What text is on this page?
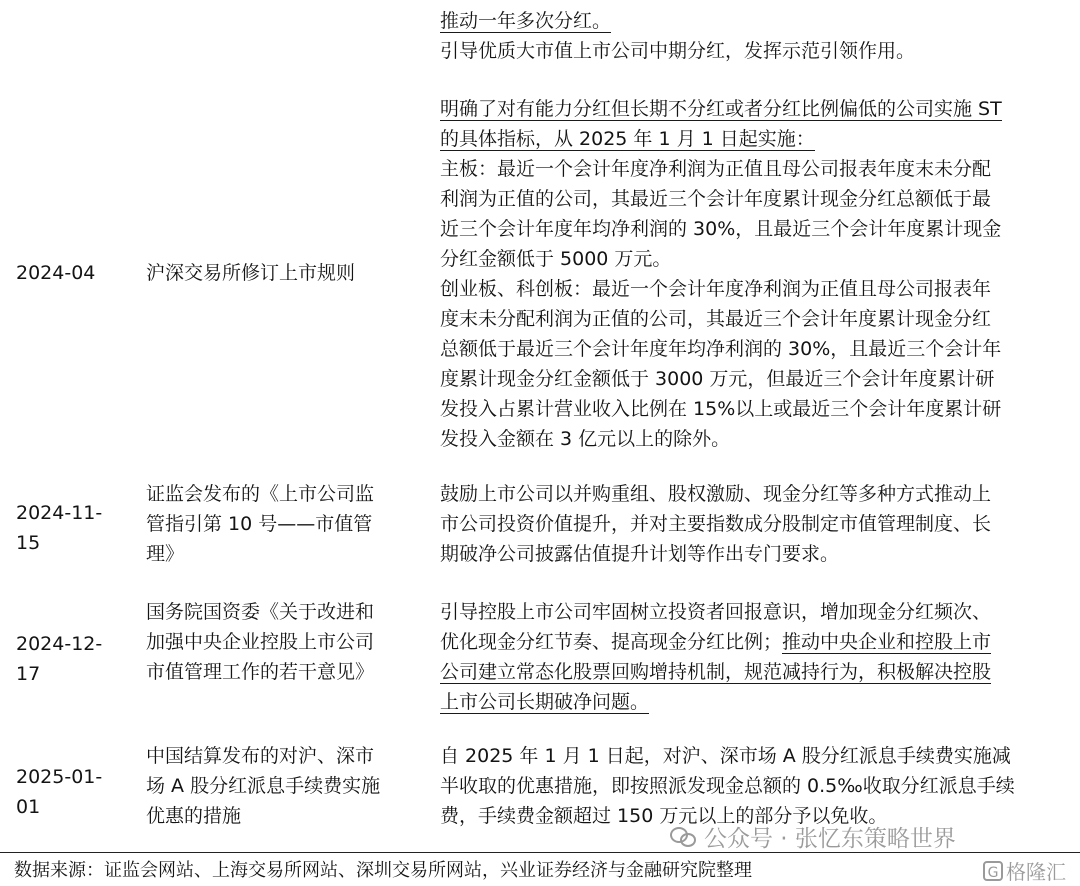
推动一年多次分红。
引导优质大市值上市公司中期分红，发挥示范引领作用。
2024-04	沪深交易所修订上市规则
明确了对有能力分红但长期不分红或者分红比例偏低的公司实施 ST
的具体指标，从 2025 年 1 月 1 日起实施：
主板：最近一个会计年度净利润为正值且母公司报表年度末未分配
利润为正值的公司，其最近三个会计年度累计现金分红总额低于最
近三个会计年度年均净利润的 30%，且最近三个会计年度累计现金
分红金额低于 5000 万元。
创业板、科创板：最近一个会计年度净利润为正值且母公司报表年
度末未分配利润为正值的公司，其最近三个会计年度累计现金分红
总额低于最近三个会计年度年均净利润的 30%，且最近三个会计年
度累计现金分红金额低于 3000 万元，但最近三个会计年度累计研
发投入占累计营业收入比例在 15%以上或最近三个会计年度累计研
发投入金额在 3 亿元以上的除外。
2024-11-
15
证监会发布的《上市公司监
管指引第 10 号——市值管
理》
鼓励上市公司以并购重组、股权激励、现金分红等多种方式推动上
市公司投资价值提升，并对主要指数成分股制定市值管理制度、长
期破净公司披露估值提升计划等作出专门要求。
2024-12-
17
国务院国资委《关于改进和
加强中央企业控股上市公司
市值管理工作的若干意见》
引导控股上市公司牢固树立投资者回报意识，增加现金分红频次、
优化现金分红节奏、提高现金分红比例；推动中央企业和控股上市
公司建立常态化股票回购增持机制，规范减持行为，积极解决控股
上市公司长期破净问题。
2025-01-
01
中国结算发布的对沪、深市
场 A 股分红派息手续费实施
优惠的措施
自 2025 年 1 月 1 日起，对沪、深市场 A 股分红派息手续费实施减
半收取的优惠措施，即按照派发现金总额的 0.5‰收取分红派息手续
费，手续费金额超过 150 万元以上的部分予以免收。
公众号 · 张忆东策略世界
数据来源：证监会网站、上海交易所网站、深圳交易所网站，兴业证券经济与金融研究院整理	G 格隆汇
